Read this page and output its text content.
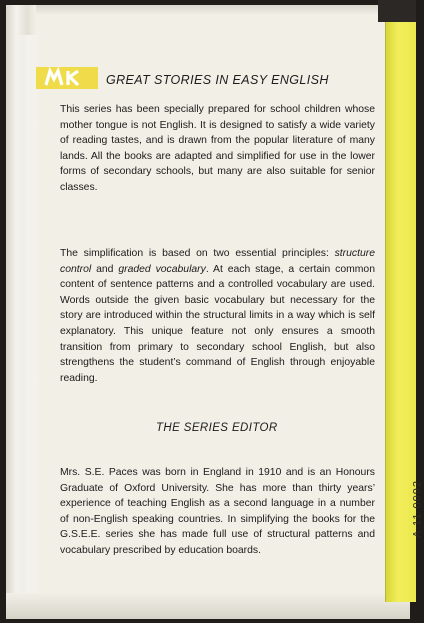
GREAT STORIES IN EASY ENGLISH
This series has been specially prepared for school children whose mother tongue is not English. It is designed to satisfy a wide variety of reading tastes, and is drawn from the popular literature of many lands. All the books are adapted and simplified for use in the lower forms of secondary schools, but many are also suitable for senior classes.
The simplification is based on two essential principles: structure control and graded vocabulary. At each stage, a certain common content of sentence patterns and a controlled vocabulary are used. Words outside the given basic vocabulary but necessary for the story are introduced within the structural limits in a way which is self explanatory. This unique feature not only ensures a smooth transition from primary to secondary school English, but also strengthens the student’s command of English through enjoyable reading.
THE SERIES EDITOR
Mrs. S.E. Paces was born in England in 1910 and is an Honours Graduate of Oxford University. She has more than thirty years’ experience of teaching English as a second language in a number of non-English speaking countries. In simplifying the books for the G.S.E.E. series she has made full use of structural patterns and vocabulary prescribed by education boards.
A 11 0092
